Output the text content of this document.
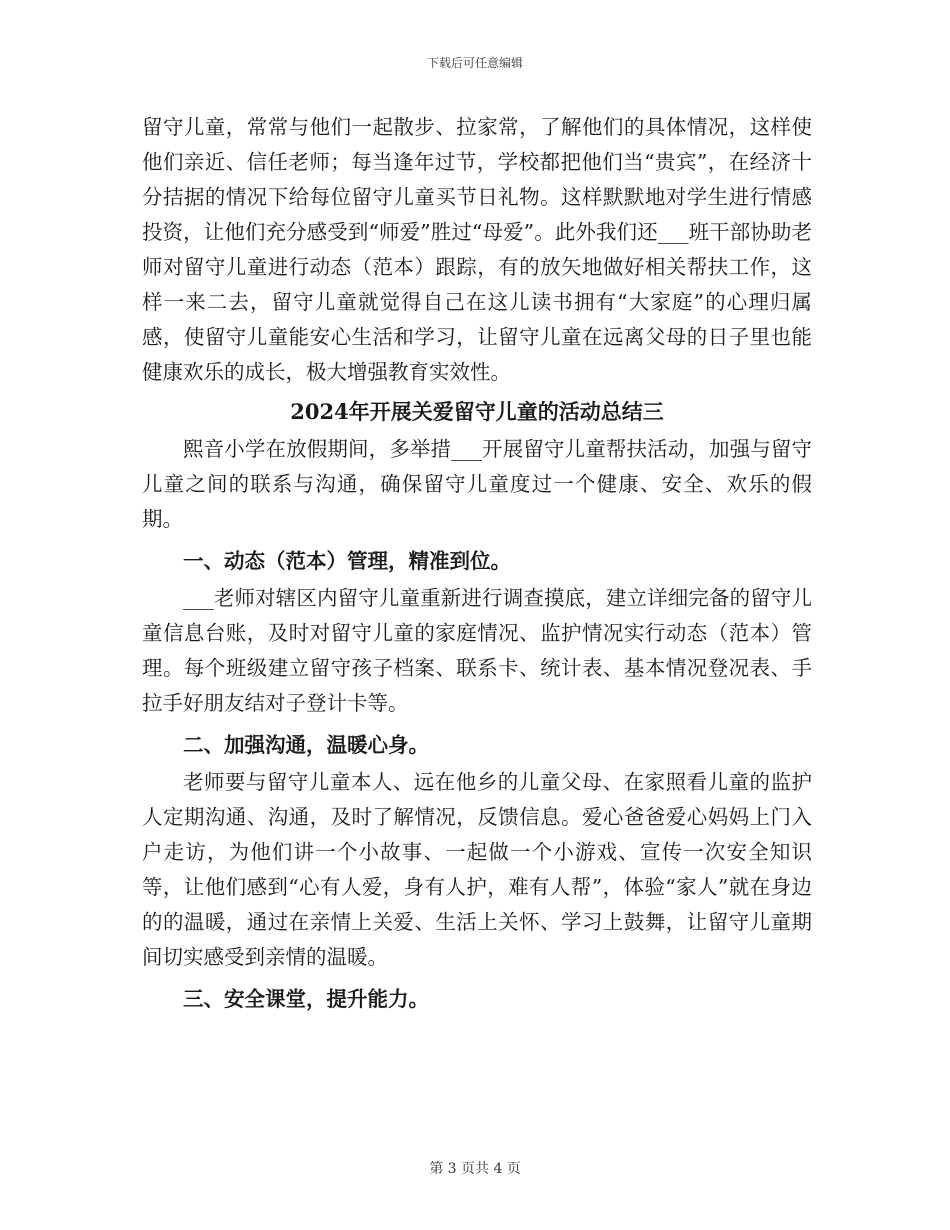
下载后可任意编辑

留守儿童，常常与他们一起散步、拉家常，了解他们的具体情况，这样使他们亲近、信任老师；每当逢年过节，学校都把他们当“贵宾”，在经济十分拮据的情况下给每位留守儿童买节日礼物。这样默默地对学生进行情感投资，让他们充分感受到“师爱”胜过“母爱”。此外我们还___班干部协助老师对留守儿童进行动态（范本）跟踪，有的放矢地做好相关帮扶工作，这样一来二去，留守儿童就觉得自己在这儿读书拥有“大家庭”的心理归属感，使留守儿童能安心生活和学习，让留守儿童在远离父母的日子里也能健康欢乐的成长，极大增强教育实效性。

2024年开展关爱留守儿童的活动总结三

熙音小学在放假期间，多举措___开展留守儿童帮扶活动，加强与留守儿童之间的联系与沟通，确保留守儿童度过一个健康、安全、欢乐的假期。

一、动态（范本）管理，精准到位。

___老师对辖区内留守儿童重新进行调查摸底，建立详细完备的留守儿童信息台账，及时对留守儿童的家庭情况、监护情况实行动态（范本）管理。每个班级建立留守孩子档案、联系卡、统计表、基本情况登况表、手拉手好朋友结对子登计卡等。

二、加强沟通，温暖心身。

老师要与留守儿童本人、远在他乡的儿童父母、在家照看儿童的监护人定期沟通、沟通，及时了解情况，反馈信息。爱心爸爸爱心妈妈上门入户走访，为他们讲一个小故事、一起做一个小游戏、宣传一次安全知识等，让他们感到“心有人爱，身有人护，难有人帮”，体验“家人”就在身边的的温暖，通过在亲情上关爱、生活上关怀、学习上鼓舞，让留守儿童期间切实感受到亲情的温暖。

三、安全课堂，提升能力。

第 3 页共 4 页
